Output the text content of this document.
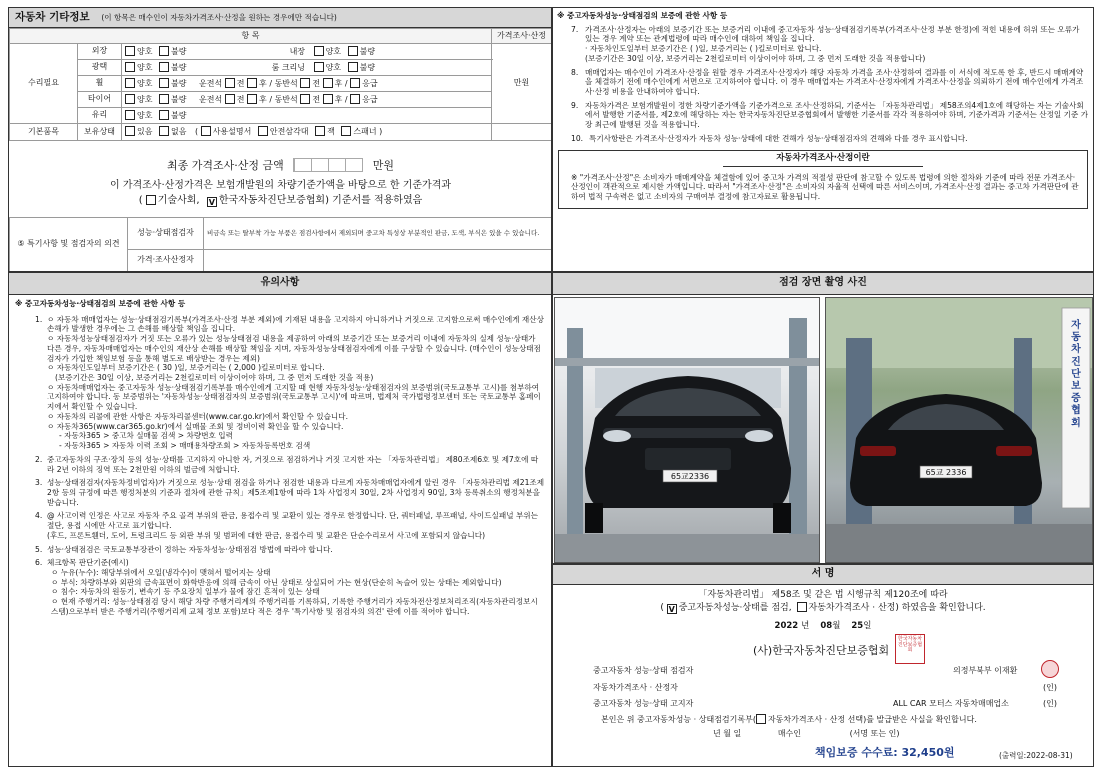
자동차 기타정보 (이 항목은 매수인이 자동차가격조사·산정을 원하는 경우에만 적습니다)
항 목			가격조사·산정
수리필요	외장	양호 불량 내장 양호 불량	만원
	광택	양호 불량 룸 크리닝 양호 불량	
	휠	양호 불량 운전석 전 후 / 동반석 전 후 / 응급	
	타이어	양호 불량 운전석 전 후 / 동반석 전 후 / 응급	
	유리	양호 불량	
기본품목	보유상태	있음 없음 ( 사용설명서 안전삼각대 잭 스패너 )	
최종 가격조사·산정 금액	만원
이 가격조사·산정가격은 보험개발원의 차량기준가액을 바탕으로 한 기준가격과
( 기술사회, V 한국자동차진단보증협회) 기준서를 적용하였음
⑤ 특기사항 및 점검자의 의견	성능·상태점검자	비금속 또는 탈부착 가능 부품은 점검사항에서 제외되며 중고차 특성상 부분적인 판금, 도색, 부식은 있을 수 있습니다.
	가격·조사산정자	
※ 중고자동차성능·상태점검의 보증에 관한 사항 등
7. 가격조사·산정자는 아래의 보증기간 또는 보증거리 이내에 중고자동차 성능·상태점검기록부(가격조사·산정 부분 한정)에 적힌 내용에 허위 또는 오류가 있는 경우 계약 또는 관계법령에 따라 매수인에 대하여 책임을 집니다.
· 자동차인도일부터 보증기간은 ( )일, 보증거리는 ( )킬로미터로 합니다.
(보증기간은 30일 이상, 보증거리는 2천킬로미터 이상이어야 하며, 그 중 먼저 도래한 것을 적용합니다)
8. 매매업자는 매수인이 가격조사·산정을 원할 경우 가격조사·산정자가 해당 자동차 가격을 조사·산정하여 결과를 이 서식에 적도록 한 후, 반드시 매매계약을 체결하기 전에 매수인에게 서면으로 고지하여야 합니다. 이 경우 매매업자는 가격조사·산정자에게 가격조사·산정을 의뢰하기 전에 매수인에게 가격조사·산정 비용을 안내하여야 합니다.
9. 자동차가격은 보험개발원이 정한 차량기준가액을 기준가격으로 조사·산정하되, 기준서는 「자동차관리법」 제58조의4제1호에 해당하는 자는 기술사회에서 발행한 기준서를, 제2호에 해당하는 자는 한국자동차진단보증협회에서 발행한 기준서를 각각 적용하여야 하며, 기준가격과 기준서는 산정일 기준 가장 최근에 발행된 것을 적용합니다.
10. 특기사항란은 가격조사·산정자가 자동차 성능·상태에 대한 견해가 성능·상태점검자의 견해와 다를 경우 표시합니다.
자동차가격조사·산정이란
※ "가격조사·산정"은 소비자가 매매계약을 체결함에 있어 중고차 가격의 적절성 판단에 참고할 수 있도록 법령에 의한 절차와 기준에 따라 전문 가격조사·산정인이 객관적으로 제시한 가액입니다. 따라서 "가격조사·산정"은 소비자의 자율적 선택에 따른 서비스이며, 가격조사·산정 결과는 중고차 가격판단에 관하여 법적 구속력은 없고 소비자의 구매여부 결정에 참고자료로 활용됩니다.
유의사항
※ 중고자동차성능·상태점검의 보증에 관한 사항 등
1. ㅇ 자동차 매매업자는 성능·상태점검기록부(가격조사·산정 부분 제외)에 기재된 내용을 고지하지 아니하거나 거짓으로 고지함으로써 매수인에게 재산상 손해가 발생한 경우에는 그 손해를 배상할 책임을 집니다.
ㅇ 자동차성능상태점검자가 거짓 또는 오류가 있는 성능상태점검 내용을 제공하여 아래의 보증기간 또는 보증거리 이내에 자동차의 실제 성능·상태가 다른 경우, 자동차매매업자는 매수인의 재산상 손해를 배상할 책임을 지며, 자동차성능상태점검자에게 이를 구상할 수 있습니다. (매수인이 성능상태점검자가 가입한 책임보험 등을 통해 별도로 배상받는 경우는 제외)
ㅇ 자동차인도일부터 보증기간은 ( 30 )일, 보증거리는 ( 2,000 )킬로미터로 합니다.
(보증기간은 30일 이상, 보증거리는 2천킬로미터 이상이어야 하며, 그 중 먼저 도래한 것을 적용)
ㅇ 자동차매매업자는 중고자동차 성능·상태점검기록부를 매수인에게 고지할 때 현행 자동차성능·상태점검자의 보증범위(국토교통부 고시)를 첨부하여 고지하여야 합니다. 동 보증범위는 '자동차성능·상태점검자의 보증범위(국토교통부 고시)'에 따르며, 법제처 국가법령정보센터 또는 국토교통부 홈페이지에서 확인할 수 있습니다.
ㅇ 자동차의 리콜에 관한 사항은 자동차리콜센터(www.car.go.kr)에서 확인할 수 있습니다.
ㅇ 자동차365(www.car365.go.kr)에서 실매물 조회 및 정비이력 확인을 할 수 있습니다.
- 자동차365 > 중고차 실매물 검색 > 차량번호 입력
- 자동차365 > 자동차 이력 조회 > 매매용차량조회 > 자동차등록번호 검색
2. 중고자동차의 구조·장치 등의 성능·상태를 고지하지 아니한 자, 거짓으로 점검하거나 거짓 고지한 자는 「자동차관리법」 제80조제6호 및 제7호에 따라 2년 이하의 징역 또는 2천만원 이하의 벌금에 처합니다.
3. 성능·상태점검자(자동차정비업자)가 거짓으로 성능·상태 점검을 하거나 점검한 내용과 다르게 자동차매매업자에게 알린 경우 「자동차관리법 제21조제2항 등의 규정에 따른 행정처분의 기준과 절차에 관한 규칙」제5조제1항에 따라 1차 사업정지 30일, 2차 사업정지 90일, 3차 등록취소의 행정처분을 받습니다.
4. @ 사고이력 인정은 사고로 자동차 주요 골격 부위의 판금, 용접수리 및 교환이 있는 경우로 한정합니다. 단, 쿼터패널, 루프패널, 사이드실패널 부위는 절단, 용접 시에만 사고로 표기합니다.
(후드, 프론트휀더, 도어, 트렁크리드 등 외판 부위 및 범퍼에 대한 판금, 용접수리 및 교환은 단순수리로서 사고에 포함되지 않습니다)
5. 성능·상태점검은 국토교통부장관이 정하는 자동차성능·상태점검 방법에 따라야 합니다.
6. 체크항목 판단기준(예시)
ㅇ 누유(누수): 해당부위에서 오일(냉각수)이 맺혀서 떨어지는 상태
ㅇ 부식: 차량하부와 외판의 금속표면이 화학반응에 의해 금속이 아닌 상태로 상실되어 가는 현상(단순히 녹슬어 있는 상태는 제외합니다)
ㅇ 침수: 자동차의 원동기, 변속기 등 주요장치 일부가 물에 잠긴 흔적이 있는 상태
ㅇ 현재 주행거리: 성능·상태점검 당시 해당 차량 주행거리계의 주행거리를 기록하되, 기록한 주행거리가 자동차전산정보처리조직(자동차관리정보시스템)으로부터 받은 주행거리(주행거리계 교체 정보 포함)보다 적은 경우 '특기사항 및 점검자의 의견' 란에 이를 적어야 합니다.
점검 장면 촬영 사진
65교2336	65교 2336
자동차진단보증협회
서 명
「자동차관리법」 제58조 및 같은 법 시행규칙 제120조에 따라
( V 중고자동차성능·상태를 점검, 자동차가격조사 · 산정) 하였음을 확인합니다.
2022 년 08월 25일
(사)한국자동차진단보증협회
한국자동차진단보증협회
중고자동차 성능·상태 점검자	의정부북부 이재환
자동차가격조사 · 산정자	(인)
중고자동차 성능·상태 고지자	ALL CAR 모터스 자동차매매업소	(인)
본인은 위 중고자동차성능 · 상태점검기록부( 자동차가격조사 · 산정 선택)를 발급받은 사실을 확인합니다.
년 월 일	매수인	(서명 또는 인)
책임보증 수수료: 32,450원	(출력일:2022-08-31)
